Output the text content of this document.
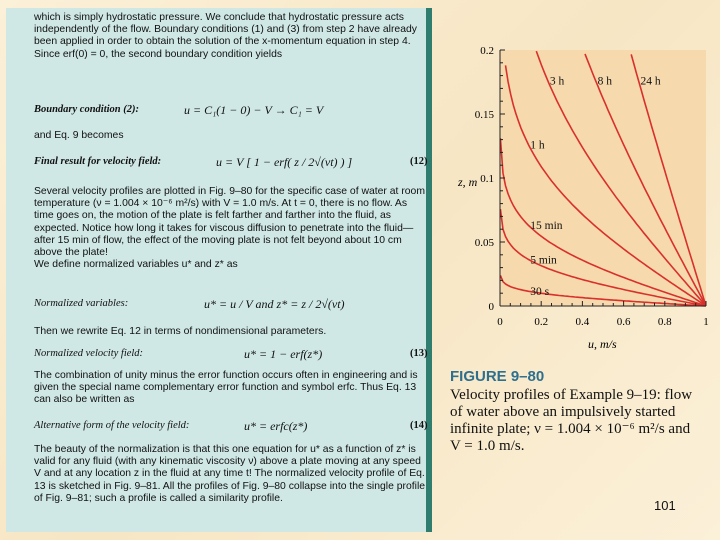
which is simply hydrostatic pressure. We conclude that hydrostatic pressure acts independently of the flow. Boundary conditions (1) and (3) from step 2 have already been applied in order to obtain the solution of the x-momentum equation in step 4. Since erf(0) = 0, the second boundary condition yields

Boundary condition (2):	u = C₁(1 − 0) − V → C₁ = V

and Eq. 9 becomes

Final result for velocity field:	u = V [ 1 − erf( z / 2√(νt) ) ]	(12)

Several velocity profiles are plotted in Fig. 9–80 for the specific case of water at room temperature (ν = 1.004 × 10⁻⁶ m²/s) with V = 1.0 m/s. At t = 0, there is no flow. As time goes on, the motion of the plate is felt farther and farther into the fluid, as expected. Notice how long it takes for viscous diffusion to penetrate into the fluid—after 15 min of flow, the effect of the moving plate is not felt beyond about 10 cm above the plate!
We define normalized variables u* and z* as

Normalized variables:	u* = u / V and z* = z / 2√(νt)

Then we rewrite Eq. 12 in terms of nondimensional parameters.

Normalized velocity field:	u* = 1 − erf(z*)	(13)

The combination of unity minus the error function occurs often in engineering and is given the special name complementary error function and symbol erfc. Thus Eq. 13 can also be written as

Alternative form of the velocity field:	u* = erfc(z*)	(14)

The beauty of the normalization is that this one equation for u* as a function of z* is valid for any fluid (with any kinematic viscosity ν) above a plate moving at any speed V and at any location z in the fluid at any time t! The normalized velocity profile of Eq. 13 is sketched in Fig. 9–81. All the profiles of Fig. 9–80 collapse into the single profile of Fig. 9–81; such a profile is called a similarity profile.

30 s
5 min
15 min
1 h
3 h	8 h 24 h
0	0.2 0.4 0.6 0.8	1
0
0.05
0.1
0.15
0.2
z, m
u, m/s
FIGURE 9–80
Velocity profiles of Example 9–19: flow of water above an impulsively started infinite plate; ν = 1.004 × 10⁻⁶ m²/s and V = 1.0 m/s.
101
